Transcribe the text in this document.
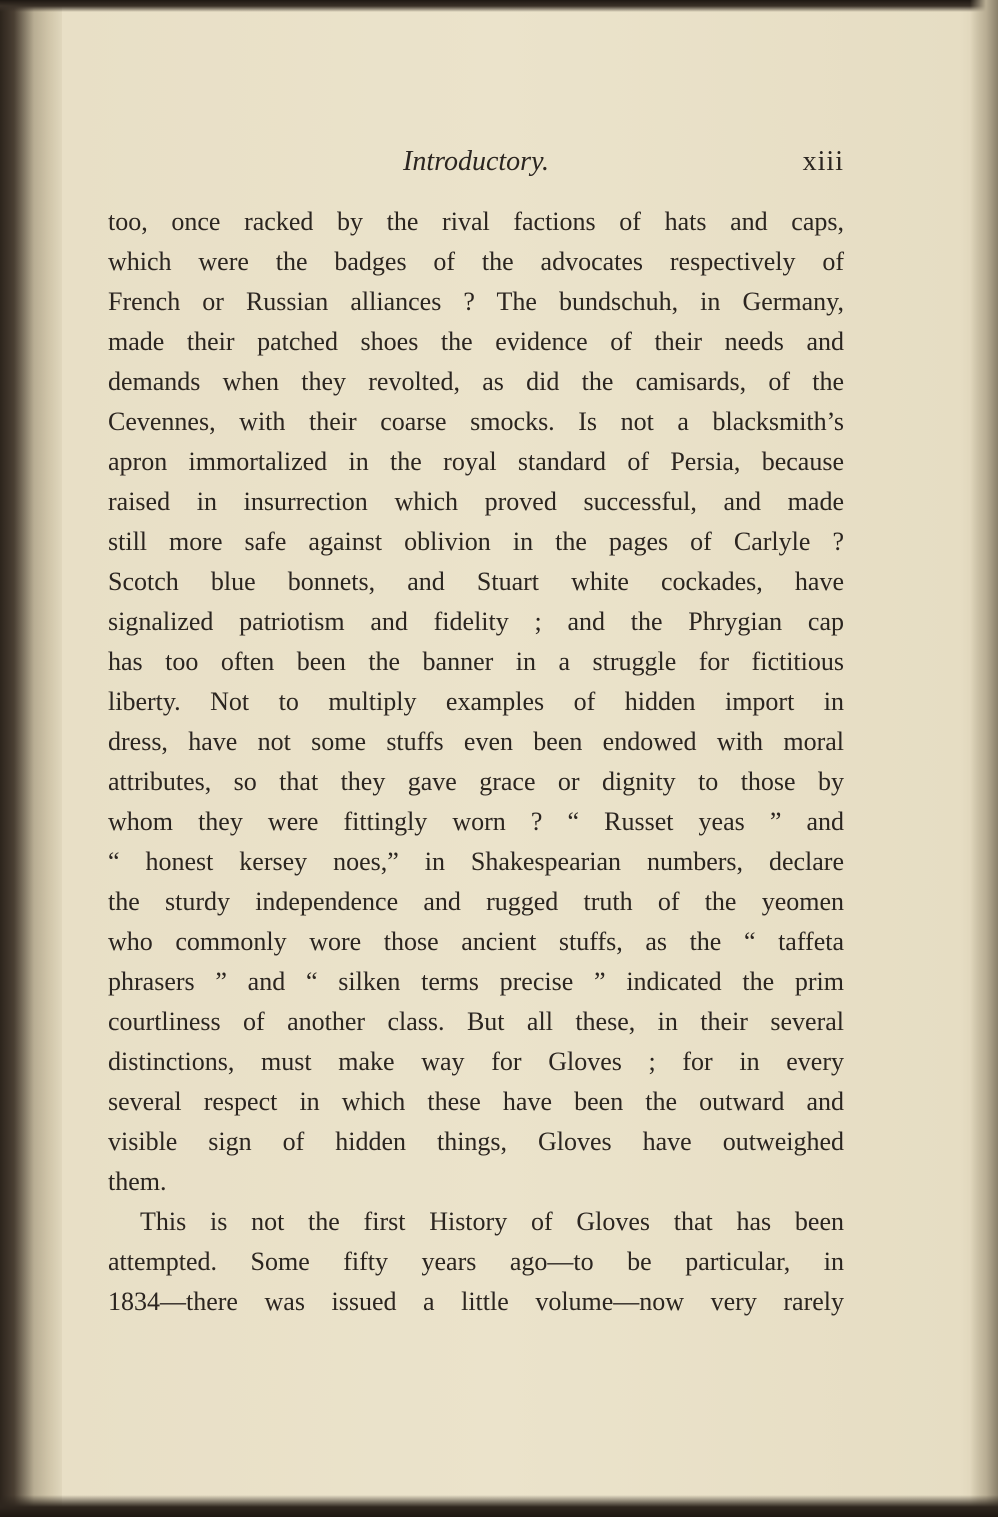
Introductory.	xiii
too, once racked by the rival factions of hats and caps,
which were the badges of the advocates respectively of
French or Russian alliances ? The bundschuh, in Germany,
made their patched shoes the evidence of their needs and
demands when they revolted, as did the camisards, of the
Cevennes, with their coarse smocks. Is not a blacksmith’s
apron immortalized in the royal standard of Persia, because
raised in insurrection which proved successful, and made
still more safe against oblivion in the pages of Carlyle ?
Scotch blue bonnets, and Stuart white cockades, have
signalized patriotism and fidelity ; and the Phrygian cap
has too often been the banner in a struggle for fictitious
liberty. Not to multiply examples of hidden import in
dress, have not some stuffs even been endowed with moral
attributes, so that they gave grace or dignity to those by
whom they were fittingly worn ? “ Russet yeas ” and
“ honest kersey noes,” in Shakespearian numbers, declare
the sturdy independence and rugged truth of the yeomen
who commonly wore those ancient stuffs, as the “ taffeta
phrasers ” and “ silken terms precise ” indicated the prim
courtliness of another class. But all these, in their several
distinctions, must make way for Gloves ; for in every
several respect in which these have been the outward and
visible sign of hidden things, Gloves have outweighed
them.
This is not the first History of Gloves that has been
attempted. Some fifty years ago—to be particular, in
1834—there was issued a little volume—now very rarely
